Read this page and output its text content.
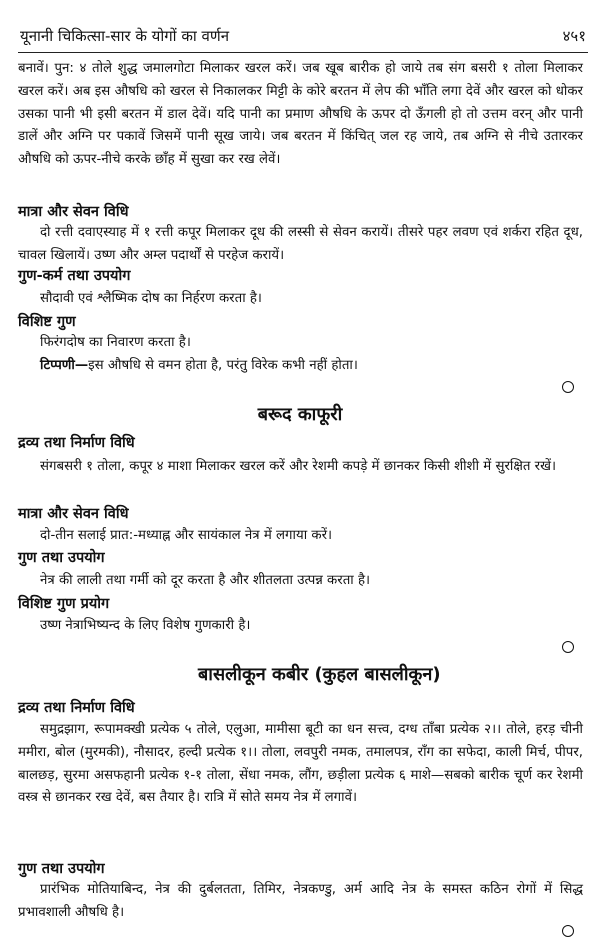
यूनानी चिकित्सा-सार के योगों का वर्णन	४५१

बनावें। पुन: ४ तोले शुद्ध जमालगोटा मिलाकर खरल करें। जब खूब बारीक हो जाये तब संग बसरी १ तोला मिलाकर खरल करें। अब इस औषधि को खरल से निकालकर मिट्टी के कोरे बरतन में लेप की भाँति लगा देवें और खरल को धोकर उसका पानी भी इसी बरतन में डाल देवें। यदि पानी का प्रमाण औषधि के ऊपर दो ऊँगली हो तो उत्तम वरन् और पानी डालें और अग्नि पर पकावें जिसमें पानी सूख जाये। जब बरतन में किंचित् जल रह जाये, तब अग्नि से नीचे उतारकर औषधि को ऊपर-नीचे करके छाँह में सुखा कर रख लेवें।

मात्रा और सेवन विधि

दो रत्ती दवाएस्याह में १ रत्ती कपूर मिलाकर दूध की लस्सी से सेवन करायें। तीसरे पहर लवण एवं शर्करा रहित दूध, चावल खिलायें। उष्ण और अम्ल पदार्थों से परहेज करायें।

गुण-कर्म तथा उपयोग

सौदावी एवं श्लैष्मिक दोष का निर्हरण करता है।

विशिष्ट गुण

फिरंगदोष का निवारण करता है।

टिप्पणी—इस औषधि से वमन होता है, परंतु विरेक कभी नहीं होता।

बरूद काफूरी

द्रव्य तथा निर्माण विधि

संगबसरी १ तोला, कपूर ४ माशा मिलाकर खरल करें और रेशमी कपड़े में छानकर किसी शीशी में सुरक्षित रखें।

मात्रा और सेवन विधि

दो-तीन सलाई प्रात:-मध्याह्न और सायंकाल नेत्र में लगाया करें।

गुण तथा उपयोग

नेत्र की लाली तथा गर्मी को दूर करता है और शीतलता उत्पन्न करता है।

विशिष्ट गुण प्रयोग

उष्ण नेत्राभिष्यन्द के लिए विशेष गुणकारी है।

बासलीकून कबीर (कुहल बासलीकून)

द्रव्य तथा निर्माण विधि

समुद्रझाग, रूपामक्खी प्रत्येक ५ तोले, एलुआ, मामीसा बूटी का धन सत्त्व, दग्ध ताँबा प्रत्येक २।। तोले, हरड़ चीनी ममीरा, बोल (मुरमकी), नौसादर, हल्दी प्रत्येक १।। तोला, लवपुरी नमक, तमालपत्र, राँग का सफेदा, काली मिर्च, पीपर, बालछड़, सुरमा असफहानी प्रत्येक १-१ तोला, सेंधा नमक, लौंग, छड़ीला प्रत्येक ६ माशे—सबको बारीक चूर्ण कर रेशमी वस्त्र से छानकर रख देवें, बस तैयार है। रात्रि में सोते समय नेत्र में लगावें।

गुण तथा उपयोग

प्रारंभिक मोतियाबिन्द, नेत्र की दुर्बलतता, तिमिर, नेत्रकण्डु, अर्म आदि नेत्र के समस्त कठिन रोगों में सिद्ध प्रभावशाली औषधि है।
